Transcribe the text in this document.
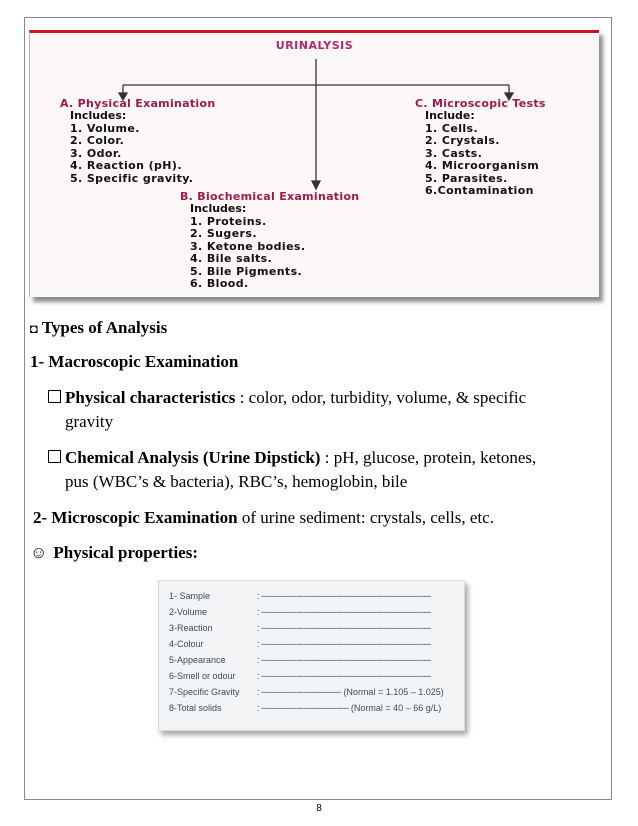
URINALYSIS
A. Physical Examination
Includes:
1. Volume.
2. Color.
3. Odor.
4. Reaction (pH).
5. Specific gravity.
C. Microscopic Tests
Include:
1. Cells.
2. Crystals.
3. Casts.
4. Microorganism
5. Parasites.
6.Contamination
B. Biochemical Examination
Includes:
1. Proteins.
2. Sugers.
3. Ketone bodies.
4. Bile salts.
5. Bile Pigments.
6. Blood.
◘ Types of Analysis
1- Macroscopic Examination
Physical characteristics : color, odor, turbidity, volume, & specific
gravity
Chemical Analysis (Urine Dipstick) : pH, glucose, protein, ketones,
pus (WBC’s & bacteria), RBC’s, hemoglobin, bile
2- Microscopic Examination of urine sediment: crystals, cells, etc.
☺ Physical properties:
1- Sample	: --------------------------------------------------------------------
2-Volume	: --------------------------------------------------------------------
3-Reaction	: --------------------------------------------------------------------
4-Colour	: --------------------------------------------------------------------
5-Appearance	: --------------------------------------------------------------------
6-Smell or odour : --------------------------------------------------------------------
7-Specific Gravity : -------------------------------- (Normal = 1.105 – 1.025)
8-Total solids	: ----------------------------------- (Normal = 40 – 66 g/L)
8
